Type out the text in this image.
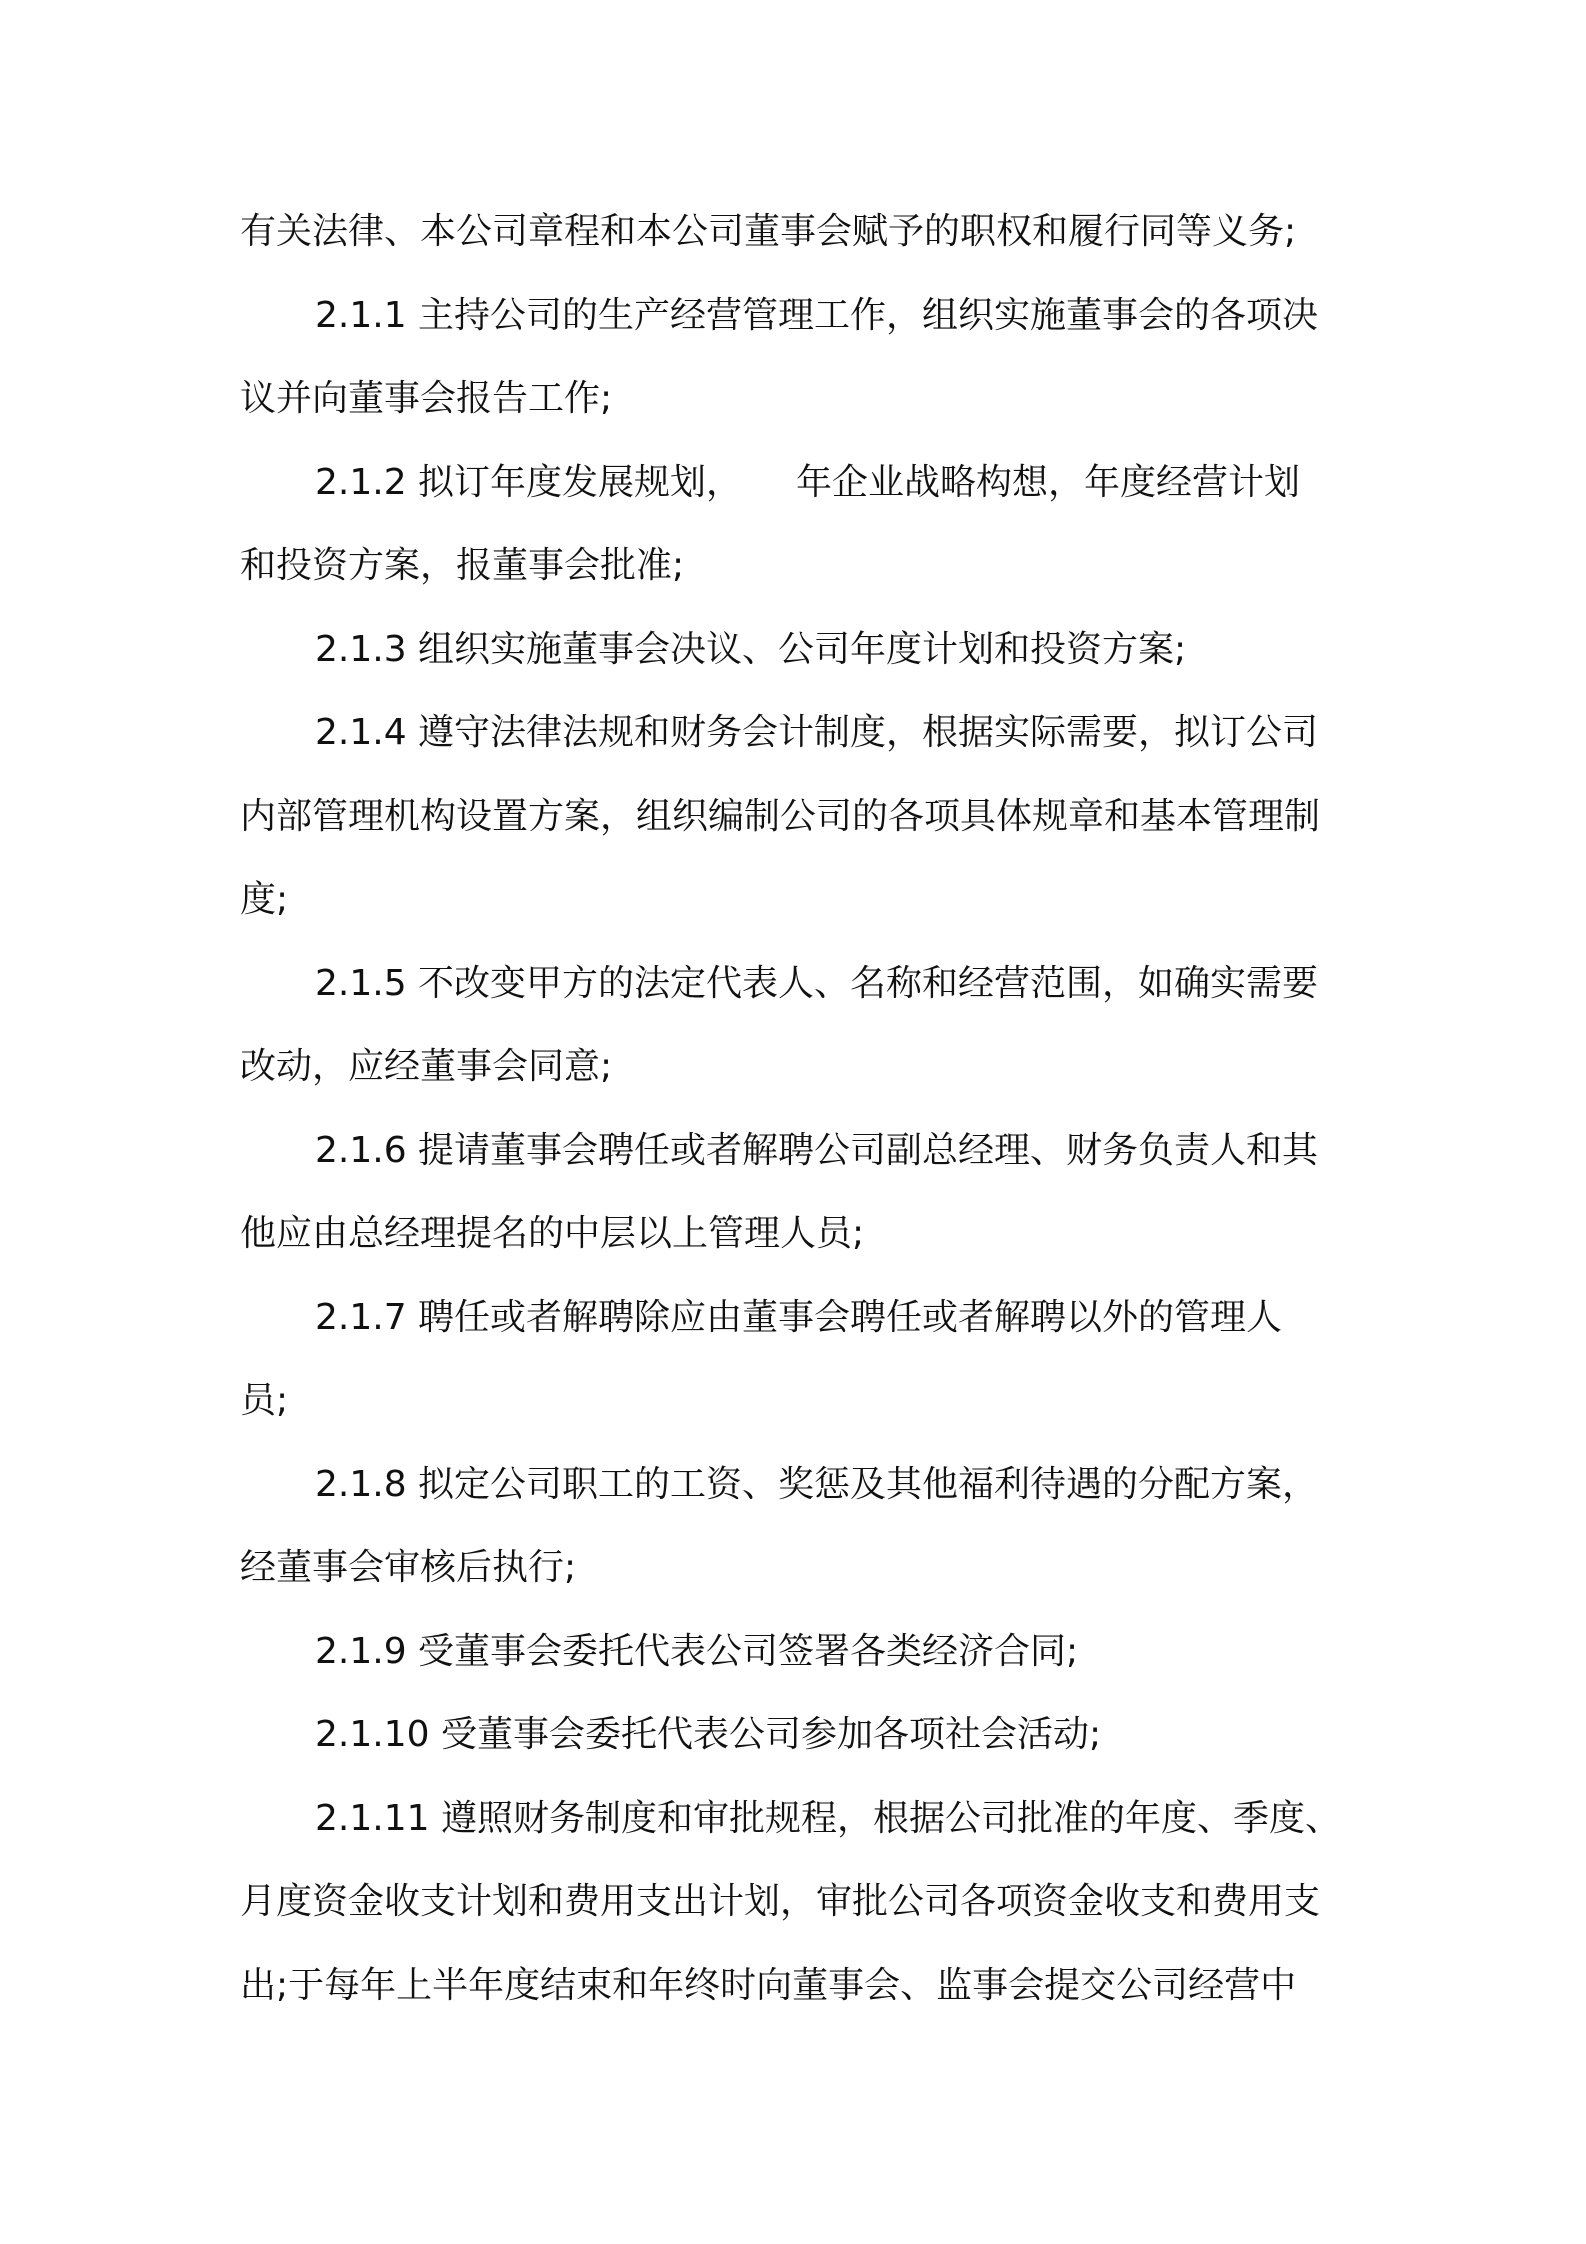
有关法律、本公司章程和本公司董事会赋予的职权和履行同等义务;
2.1.1 主持公司的生产经营管理工作，组织实施董事会的各项决
议并向董事会报告工作;
2.1.2 拟订年度发展规划，　　年企业战略构想，年度经营计划
和投资方案，报董事会批准;
2.1.3 组织实施董事会决议、公司年度计划和投资方案;
2.1.4 遵守法律法规和财务会计制度，根据实际需要，拟订公司
内部管理机构设置方案，组织编制公司的各项具体规章和基本管理制
度;
2.1.5 不改变甲方的法定代表人、名称和经营范围，如确实需要
改动，应经董事会同意;
2.1.6 提请董事会聘任或者解聘公司副总经理、财务负责人和其
他应由总经理提名的中层以上管理人员;
2.1.7 聘任或者解聘除应由董事会聘任或者解聘以外的管理人
员;
2.1.8 拟定公司职工的工资、奖惩及其他福利待遇的分配方案，
经董事会审核后执行;
2.1.9 受董事会委托代表公司签署各类经济合同;
2.1.10 受董事会委托代表公司参加各项社会活动;
2.1.11 遵照财务制度和审批规程，根据公司批准的年度、季度、
月度资金收支计划和费用支出计划，审批公司各项资金收支和费用支
出;于每年上半年度结束和年终时向董事会、监事会提交公司经营中
